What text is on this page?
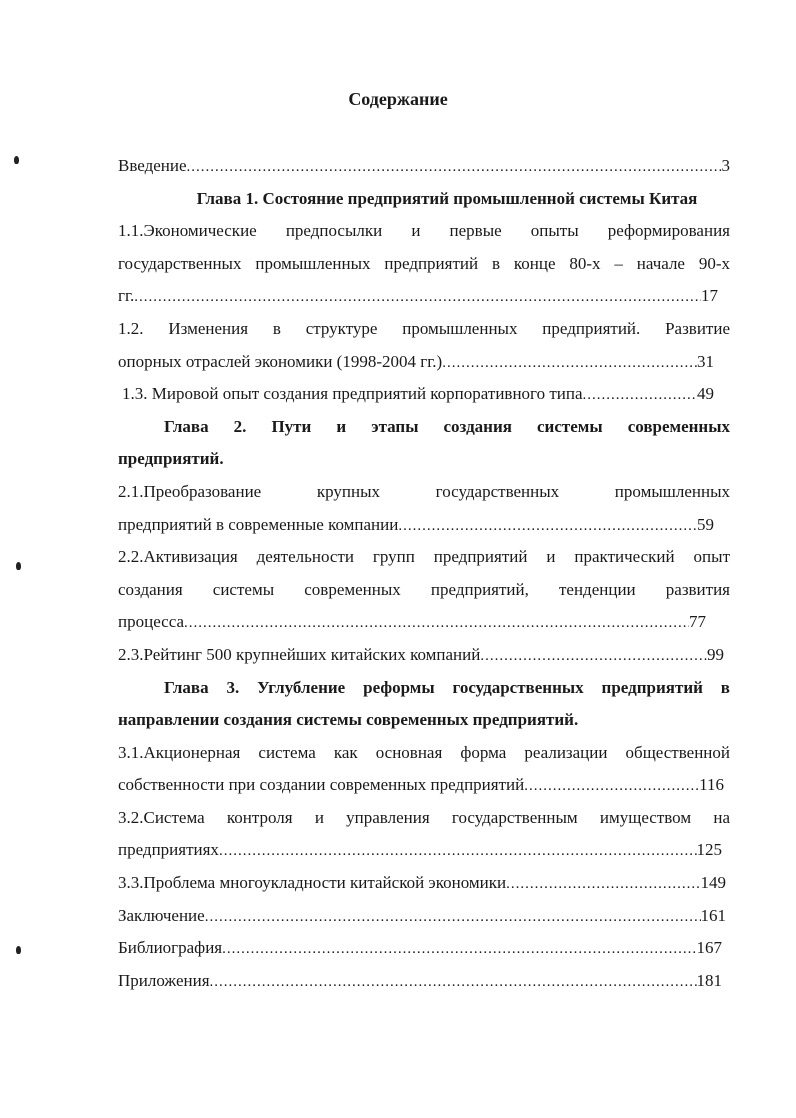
Содержание
Введение .....	3
Глава 1. Состояние предприятий промышленной системы Китая
1.1.Экономические предпосылки и первые опыты реформирования
государственных промышленных предприятий в конце 80-х – начале 90-х
гг. .....	17
1.2. Изменения в структуре промышленных предприятий. Развитие
опорных отраслей экономики (1998-2004 гг.) .....	31
1.3. Мировой опыт создания предприятий корпоративного типа .....	49
Глава 2. Пути и этапы создания системы современных
предприятий.
2.1.Преобразование крупных государственных промышленных
предприятий в современные компании .....	59
2.2.Активизация деятельности групп предприятий и практический опыт
создания системы современных предприятий, тенденции развития
процесса .....	77
2.3.Рейтинг 500 крупнейших китайских компаний .....	99
Глава 3. Углубление реформы государственных предприятий в
направлении создания системы современных предприятий.
3.1.Акционерная система как основная форма реализации общественной
собственности при создании современных предприятий .....	116
3.2.Система контроля и управления государственным имуществом на
предприятиях .....	125
3.3.Проблема многоукладности китайской экономики .....	149
Заключение .....	161
Библиография .....	167
Приложения .....	181
